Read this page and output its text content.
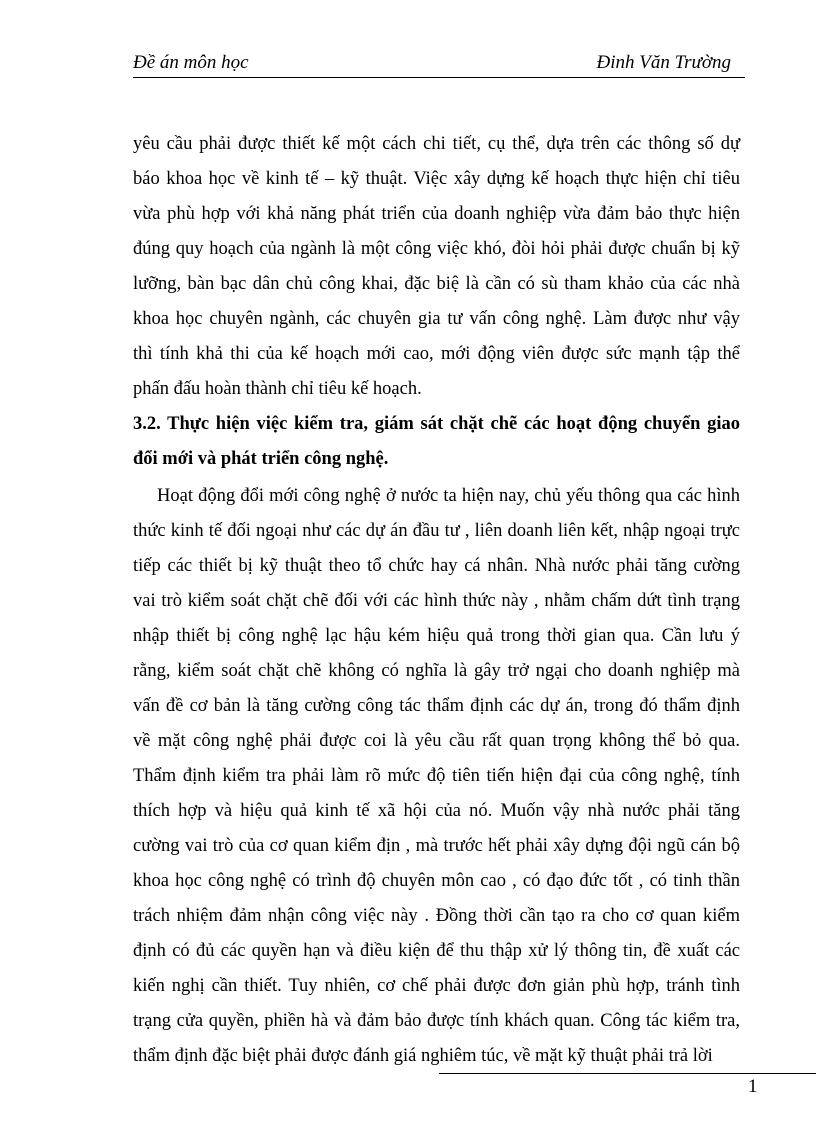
Đề án môn học	Đinh Văn Trường
yêu cầu phải được thiết kế một cách chi tiết, cụ thể, dựa trên các thông số dự
báo khoa học về kinh tế – kỹ thuật. Việc xây dựng kế hoạch thực hiện chỉ tiêu
vừa phù hợp với khả năng phát triển của doanh nghiệp vừa đảm bảo thực hiện
đúng quy hoạch của ngành là một công việc khó, đòi hỏi phải được chuẩn bị kỹ
lưỡng, bàn bạc dân chủ công khai, đặc biệ là cần có sù tham khảo của các nhà
khoa học chuyên ngành, các chuyên gia tư vấn công nghệ. Làm được như vậy
thì tính khả thi của kế hoạch mới cao, mới động viên được sức mạnh tập thể
phấn đấu hoàn thành chỉ tiêu kế hoạch.
3.2. Thực hiện việc kiểm tra, giám sát chặt chẽ các hoạt động chuyển giao
đổi mới và phát triển công nghệ.
Hoạt động đổi mới công nghệ ở nước ta hiện nay, chủ yếu thông qua các hình
thức kinh tế đối ngoại như các dự án đầu tư , liên doanh liên kết, nhập ngoại trực
tiếp các thiết bị kỹ thuật theo tổ chức hay cá nhân. Nhà nước phải tăng cường
vai trò kiểm soát chặt chẽ đối với các hình thức này , nhằm chấm dứt tình trạng
nhập thiết bị công nghệ lạc hậu kém hiệu quả trong thời gian qua. Cần lưu ý
rằng, kiểm soát chặt chẽ không có nghĩa là gây trở ngại cho doanh nghiệp mà
vấn đề cơ bản là tăng cường công tác thẩm định các dự án, trong đó thẩm định
về mặt công nghệ phải được coi là yêu cầu rất quan trọng không thể bỏ qua.
Thẩm định kiểm tra phải làm rõ mức độ tiên tiến hiện đại của công nghệ, tính
thích hợp và hiệu quả kinh tế xã hội của nó. Muốn vậy nhà nước phải tăng
cường vai trò của cơ quan kiểm địn , mà trước hết phải xây dựng đội ngũ cán bộ
khoa học công nghệ có trình độ chuyên môn cao , có đạo đức tốt , có tinh thần
trách nhiệm đảm nhận công việc này . Đồng thời cần tạo ra cho cơ quan kiểm
định có đủ các quyền hạn và điều kiện để thu thập xử lý thông tin, đề xuất các
kiến nghị cần thiết. Tuy nhiên, cơ chế phải được đơn giản phù hợp, tránh tình
trạng cửa quyền, phiền hà và đảm bảo được tính khách quan. Công tác kiểm tra,
thẩm định đặc biệt phải được đánh giá nghiêm túc, về mặt kỹ thuật phải trả lời
1
